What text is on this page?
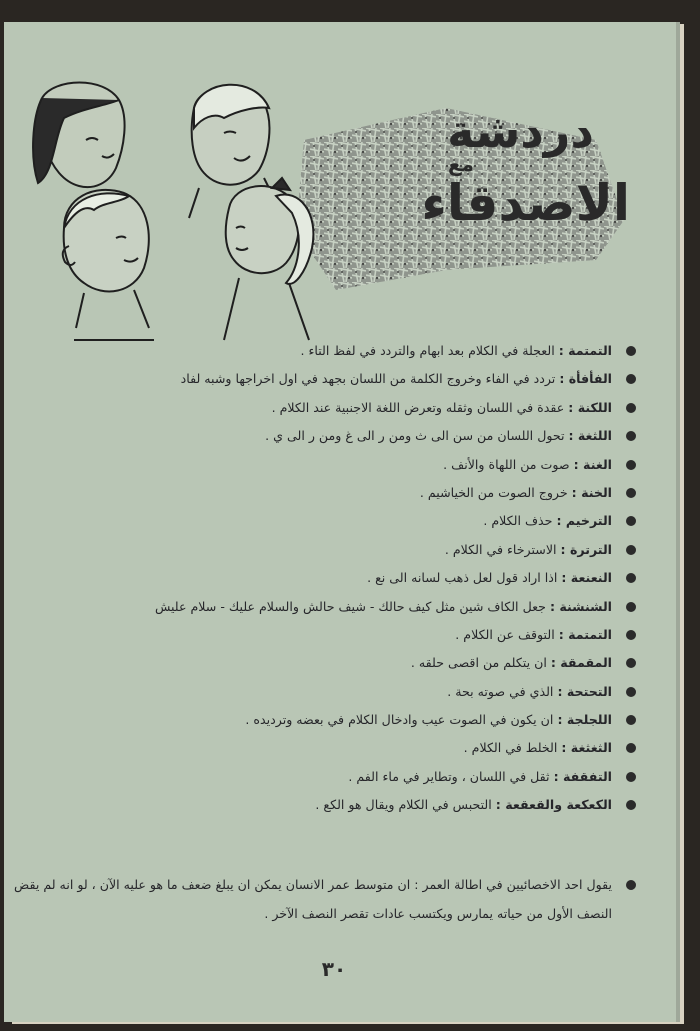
دردشة
مع
الاصدقاء
التمتمة : العجلة في الكلام بعد ابهام والتردد في لفظ التاء .
الفأفأة : تردد في الفاء وخروج الكلمة من اللسان بجهد في اول اخراجها وشبه لفاد
اللكنة : عقدة في اللسان وثقله وتعرض اللغة الاجنبية عند الكلام .
اللثغة : تحول اللسان من سن الى ث ومن ر الى غ ومن ر الى ي .
الغنة : صوت من اللهاة والأنف .
الخنة : خروج الصوت من الخياشيم .
الترخيم : حذف الكلام .
الترترة : الاسترخاء في الكلام .
النعنعة : اذا اراد قول لعل ذهب لسانه الى نع .
الشنشنة : جعل الكاف شين مثل كيف حالك - شيف حالش والسلام عليك - سلام عليش
التمتمة : التوقف عن الكلام .
المقمقة : ان يتكلم من اقصى حلقه .
التحتحة : الذي في صوته بحة .
اللجلجة : ان يكون في الصوت عيب وادخال الكلام في بعضه وترديده .
الثغثغة : الخلط في الكلام .
التفقفة : ثقل في اللسان ، وتطاير في ماء الفم .
الكعكعة والقعقعة : التحبس في الكلام ويقال هو الكع .
يقول احد الاخصائيين في اطالة العمر : ان متوسط عمر الانسان يمكن ان يبلغ ضعف ما هو عليه الآن ، لو انه لم يقض النصف الأول من حياته يمارس ويكتسب عادات تقصر النصف الآخر .
٣٠
